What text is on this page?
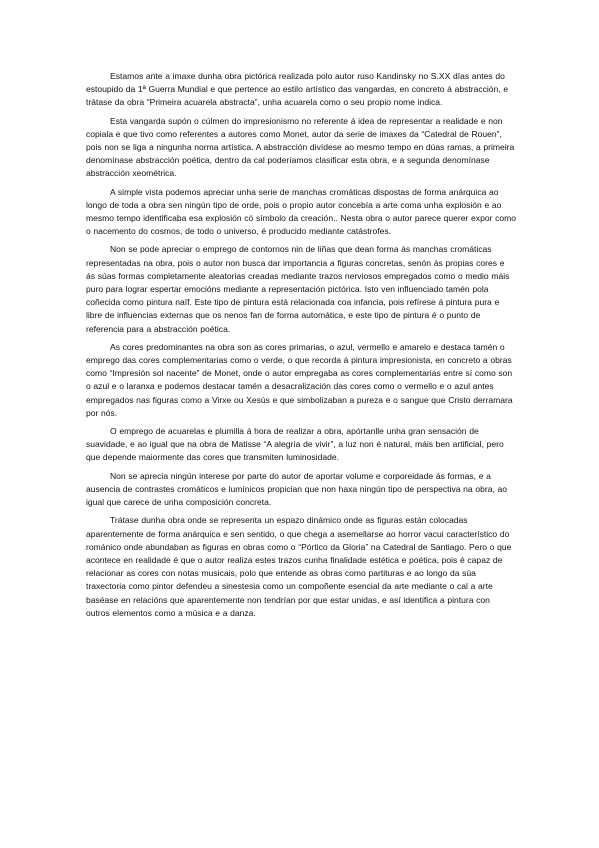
Estamos ante a imaxe dunha obra pictórica realizada polo autor ruso Kandinsky no S.XX días antes do estoupido da 1ª Guerra Mundial e que pertence ao estilo artístico das vangardas, en concreto á abstracción, e trátase da obra “Primeira acuarela abstracta”, unha acuarela como o seu propio nome indica.

Esta vangarda supón o cúlmen do impresionismo no referente á idea de representar a realidade e non copiala e que tivo como referentes a autores como Monet, autor da serie de imaxes da “Catedral de Rouen”, pois non se liga a ningunha norma artística. A abstracción divídese ao mesmo tempo en dúas ramas, a primeira denomínase abstracción poética, dentro da cal poderíamos clasificar esta obra, e a segunda denomínase abstracción xeométrica.

A simple vista podemos apreciar unha serie de manchas cromáticas dispostas de forma anárquica ao longo de toda a obra sen ningún tipo de orde, pois o propio autor concebía a arte coma unha explosión e ao mesmo tempo identificaba esa explosión có símbolo da creación.. Nesta obra o autor parece querer expor como o nacemento do cosmos, de todo o universo, é producido mediante catástrofes.

Non se pode apreciar o emprego de contornos nin de liñas que dean forma ás manchas cromáticas representadas na obra, pois o autor non busca dar importancia a figuras concretas, senón ás propias cores e ás súas formas completamente aleatorias creadas mediante trazos nerviosos empregados como o medio máis puro para lograr espertar emocións mediante a representación pictórica. Isto ven influenciado tamén pola coñecida como pintura naïf. Este tipo de pintura está relacionada coa infancia, pois refírese á pintura pura e libre de influencias externas que os nenos fan de forma automática, e este tipo de pintura é o punto de referencia para a abstracción poética.

As cores predominantes na obra son as cores primarias, o azul, vermello e amarelo e destaca tamén o emprego das cores complementarias como o verde, o que recorda á pintura impresionista, en concreto a obras como “Impresión sol nacente” de Monet, onde o autor empregaba as cores complementarias entre sí como son o azul e o laranxa e podemos destacar tamén a desacralización das cores como o vermello e o azul antes empregados nas figuras como a Virxe ou Xesús e que simbolizaban a pureza e o sangue que Cristo derramara por nós.

O emprego de acuarelas e plumilla á hora de realizar a obra, apórtanlle unha gran sensación de suavidade, e ao igual que na obra de Matisse “A alegría de vivir”, a luz non é natural, máis ben artificial, pero que depende maiormente das cores que transmiten luminosidade.

Non se aprecia ningún interese por parte do autor de aportar volume e corporeidade ás formas, e a ausencia de contrastes cromáticos e lumínicos propician que non haxa ningún tipo de perspectiva na obra, ao igual que carece de unha composición concreta.

Trátase dunha obra onde se representa un espazo dinámico onde as figuras están colocadas aparentemente de forma anárquica e sen sentido, o que chega a asemellarse ao horror vacui característico do románico onde abundaban as figuras en obras como o “Pórtico da Gloria” na Catedral de Santiago. Pero o que acontece en realidade é que o autor realiza estes trazos cunha finalidade estética e poética, pois é capaz de relacionar as cores con notas musicais, polo que entende as obras como partituras e ao longo da súa traxectoria como pintor defendeu a sinestesia como un compoñente esencial da arte mediante o cal a arte baséase en relacións que aparentemente non tendrían por que estar unidas, e así identifica a pintura con outros elementos como a música e a danza.
